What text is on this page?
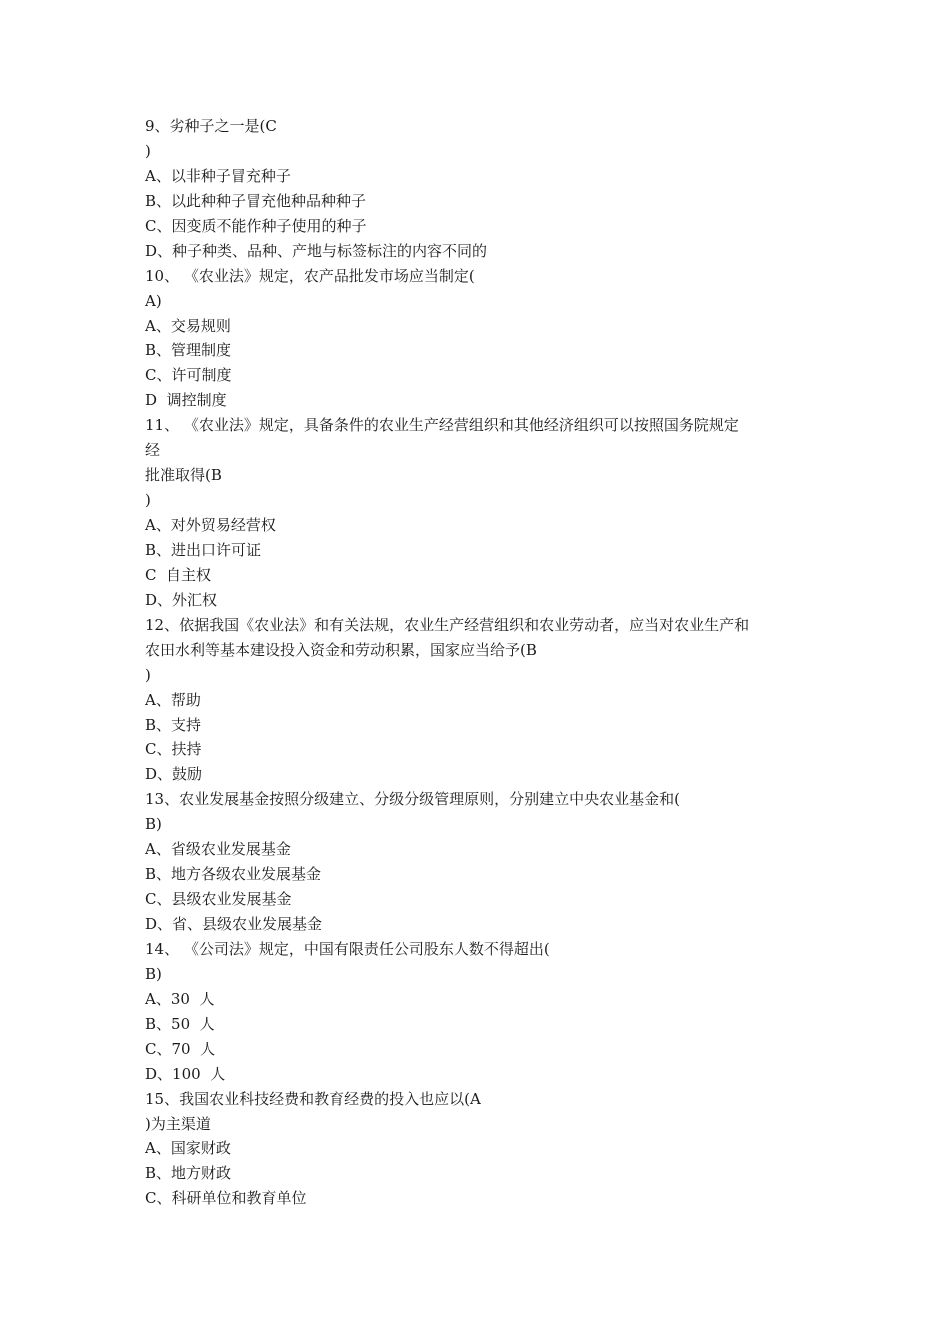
9、劣种子之一是(C
)
A、以非种子冒充种子
B、以此种种子冒充他种品种种子
C、因变质不能作种子使用的种子
D、种子种类、品种、产地与标签标注的内容不同的
10、 《农业法》规定，农产品批发市场应当制定(
A)
A、交易规则
B、管理制度
C、许可制度
D  调控制度
11、 《农业法》规定，具备条件的农业生产经营组织和其他经济组织可以按照国务院规定
经
批准取得(B
)
A、对外贸易经营权
B、进出口许可证
C  自主权
D、外汇权
12、依据我国《农业法》和有关法规，农业生产经营组织和农业劳动者，应当对农业生产和
农田水利等基本建设投入资金和劳动积累，国家应当给予(B
)
A、帮助
B、支持
C、扶持
D、鼓励
13、农业发展基金按照分级建立、分级分级管理原则，分别建立中央农业基金和(
B)
A、省级农业发展基金
B、地方各级农业发展基金
C、县级农业发展基金
D、省、县级农业发展基金
14、 《公司法》规定，中国有限责任公司股东人数不得超出(
B)
A、30  人
B、50  人
C、70  人
D、100  人
15、我国农业科技经费和教育经费的投入也应以(A
)为主渠道
A、国家财政
B、地方财政
C、科研单位和教育单位
